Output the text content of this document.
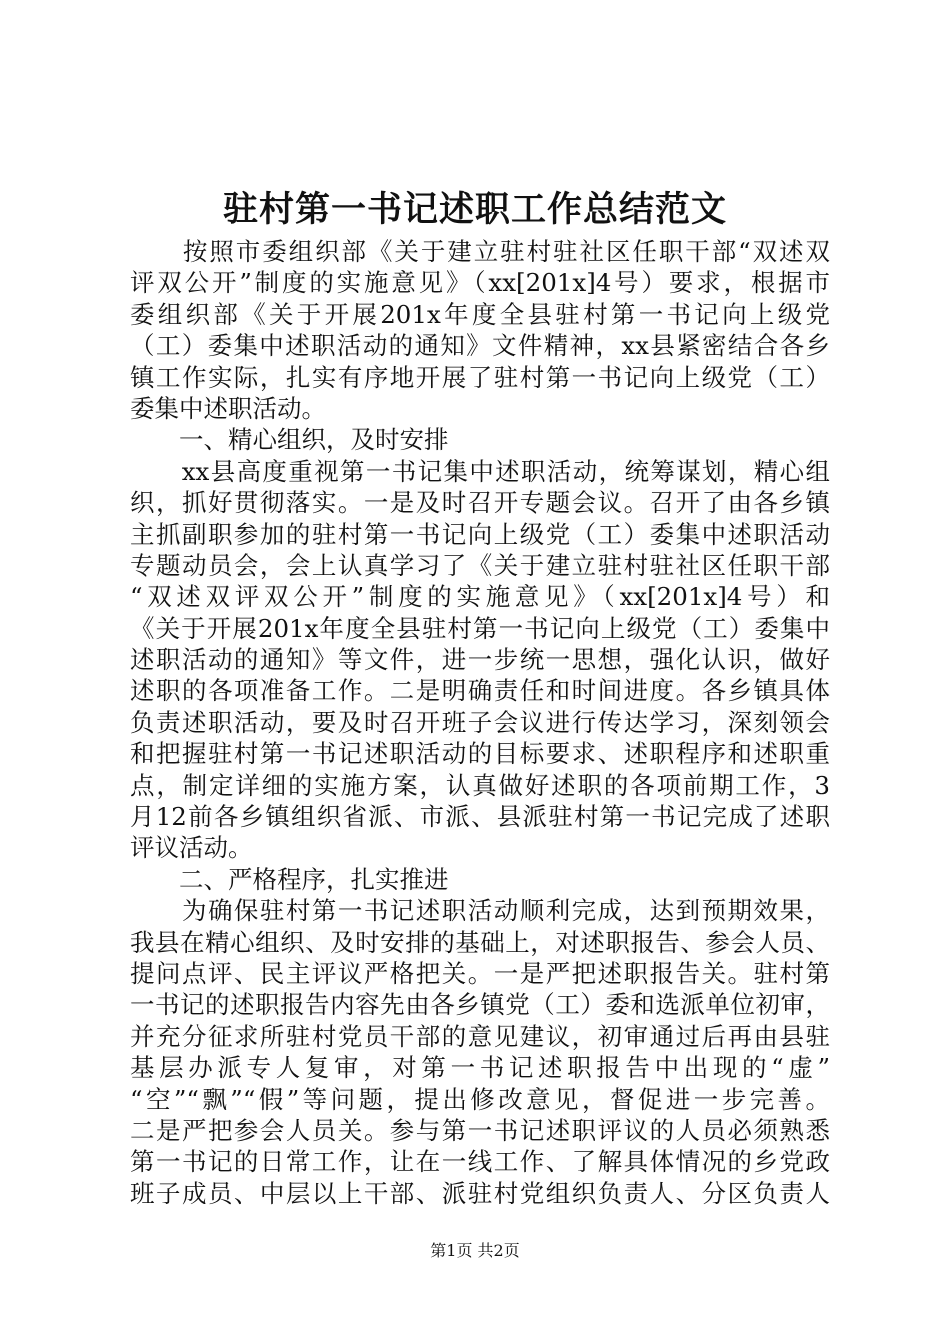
驻村第一书记述职工作总结范文
　　按照市委组织部《关于建立驻村驻社区任职干部“双述双
评双公开”制度的实施意见》（xx[201x]4号）要求，根据市
委组织部《关于开展201x年度全县驻村第一书记向上级党
（工）委集中述职活动的通知》文件精神，xx县紧密结合各乡
镇工作实际，扎实有序地开展了驻村第一书记向上级党（工）
委集中述职活动。
　　一、精心组织，及时安排
　　xx县高度重视第一书记集中述职活动，统筹谋划，精心组
织，抓好贯彻落实。一是及时召开专题会议。召开了由各乡镇
主抓副职参加的驻村第一书记向上级党（工）委集中述职活动
专题动员会，会上认真学习了《关于建立驻村驻社区任职干部
“双述双评双公开”制度的实施意见》（xx[201x]4号）和
《关于开展201x年度全县驻村第一书记向上级党（工）委集中
述职活动的通知》等文件，进一步统一思想，强化认识，做好
述职的各项准备工作。二是明确责任和时间进度。各乡镇具体
负责述职活动，要及时召开班子会议进行传达学习，深刻领会
和把握驻村第一书记述职活动的目标要求、述职程序和述职重
点，制定详细的实施方案，认真做好述职的各项前期工作，3
月12前各乡镇组织省派、市派、县派驻村第一书记完成了述职
评议活动。
　　二、严格程序，扎实推进
　　为确保驻村第一书记述职活动顺利完成，达到预期效果，
我县在精心组织、及时安排的基础上，对述职报告、参会人员、
提问点评、民主评议严格把关。一是严把述职报告关。驻村第
一书记的述职报告内容先由各乡镇党（工）委和选派单位初审，
并充分征求所驻村党员干部的意见建议，初审通过后再由县驻
基层办派专人复审，对第一书记述职报告中出现的“虚”
“空”“飘”“假”等问题，提出修改意见，督促进一步完善。
二是严把参会人员关。参与第一书记述职评议的人员必须熟悉
第一书记的日常工作，让在一线工作、了解具体情况的乡党政
班子成员、中层以上干部、派驻村党组织负责人、分区负责人
第1页 共2页
